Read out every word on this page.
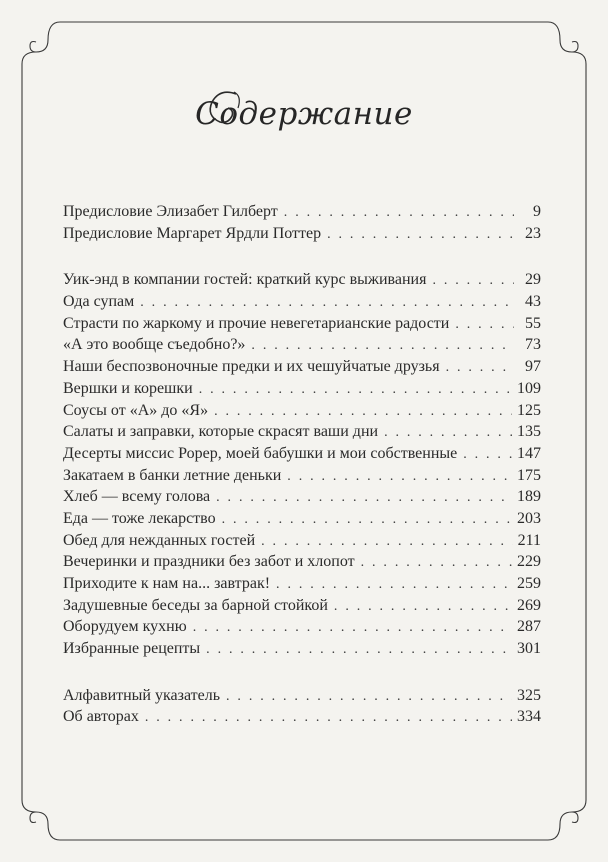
Содержание
Предисловие Элизабет Гилберт . . .	9
Предисловие Маргарет Ярдли Поттер . . .	23
Уик-энд в компании гостей: краткий курс выживания . . .	29
Ода супам . . .	43
Страсти по жаркому и прочие невегетарианские радости . . .	55
«А это вообще съедобно?» . . .	73
Наши беспозвоночные предки и их чешуйчатые друзья . . .	97
Вершки и корешки . . .	109
Соусы от «А» до «Я» . . .	125
Салаты и заправки, которые скрасят ваши дни . . .	135
Десерты миссис Рорер, моей бабушки и мои собственные . . .	147
Закатаем в банки летние деньки . . .	175
Хлеб — всему голова . . .	189
Еда — тоже лекарство . . .	203
Обед для нежданных гостей . . .	211
Вечеринки и праздники без забот и хлопот . . .	229
Приходите к нам на... завтрак! . . .	259
Задушевные беседы за барной стойкой . . .	269
Оборудуем кухню . . .	287
Избранные рецепты . . .	301
Алфавитный указатель . . .	325
Об авторах . . .	334
